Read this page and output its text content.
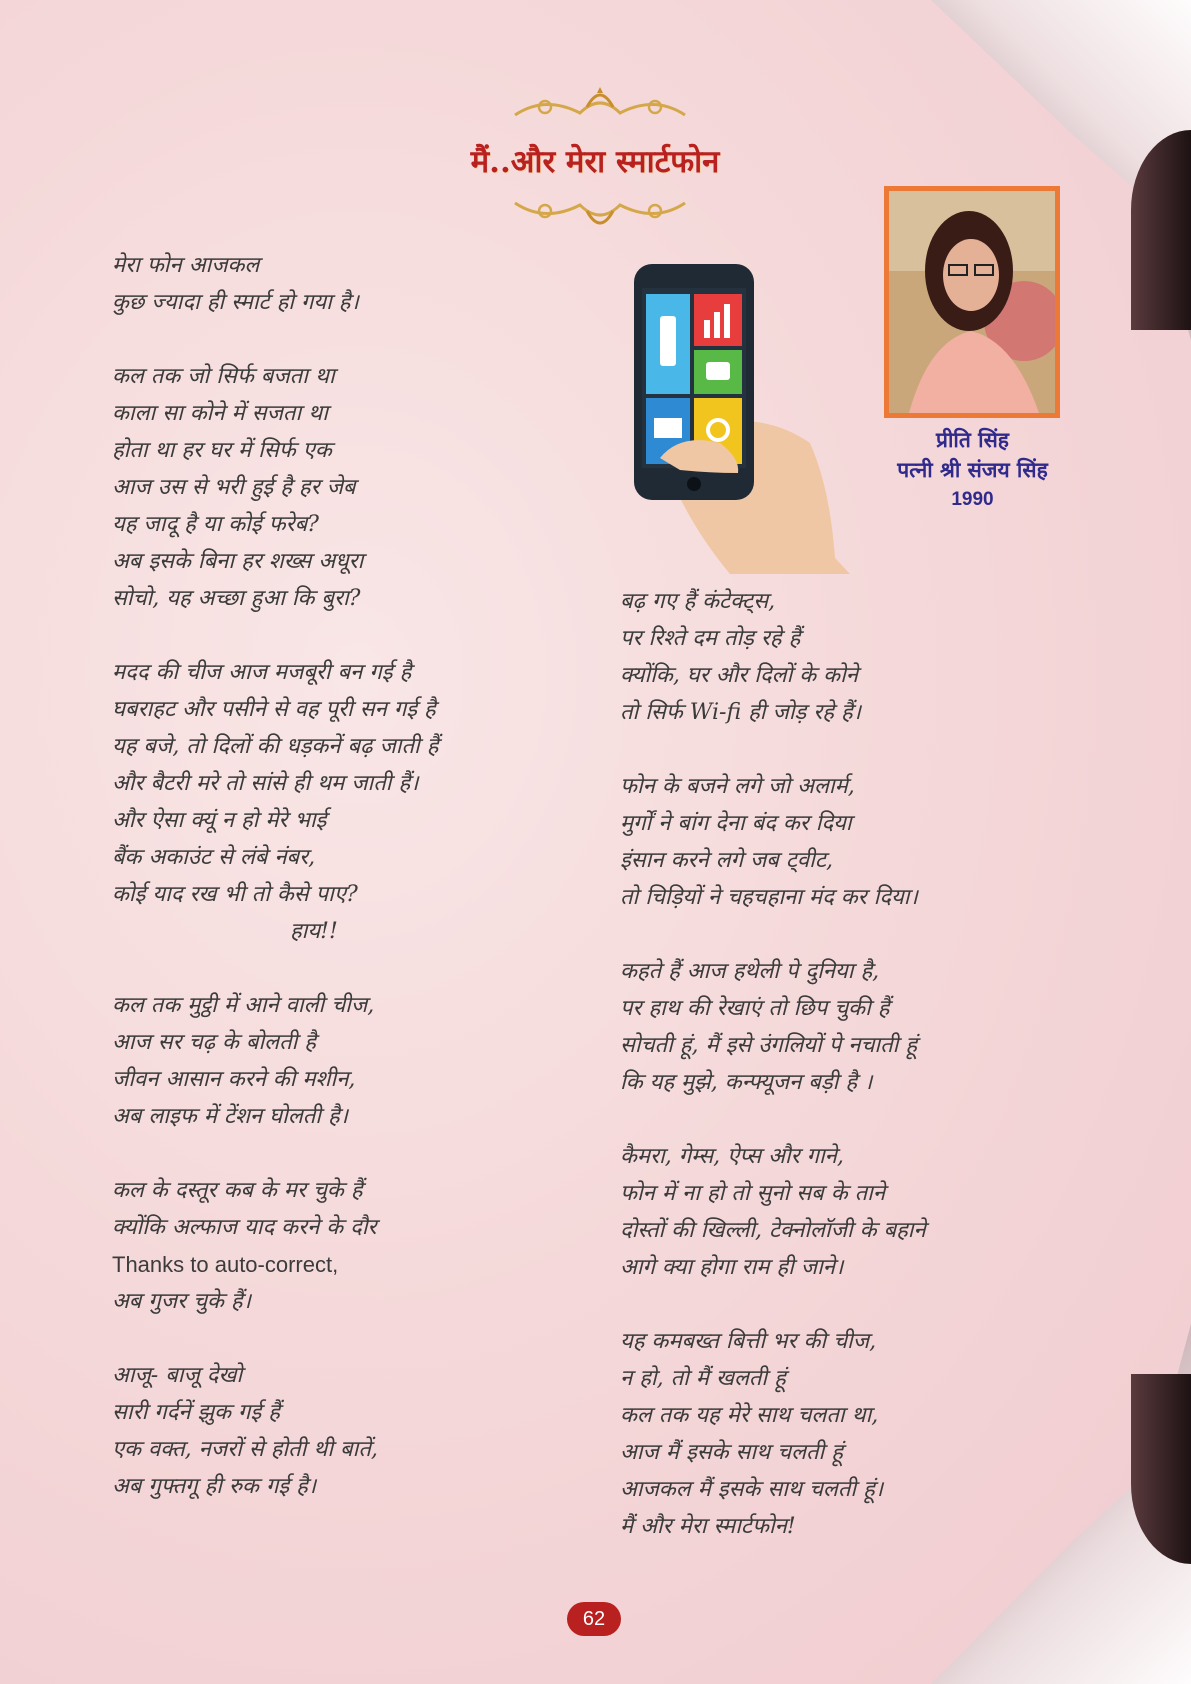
मैं..और मेरा स्मार्टफोन
प्रीति सिंह
पत्नी श्री संजय सिंह
1990
मेरा फोन आजकल
कुछ ज्यादा ही स्मार्ट हो गया है।
कल तक जो सिर्फ बजता था
काला सा कोने में सजता था
होता था हर घर में सिर्फ एक
आज उस से भरी हुई है हर जेब
यह जादू है या कोई फरेब?
अब इसके बिना हर शख्स अधूरा
सोचो, यह अच्छा हुआ कि बुरा?
मदद की चीज आज मजबूरी बन गई है
घबराहट और पसीने से वह पूरी सन गई है
यह बजे, तो दिलों की धड़कनें बढ़ जाती हैं
और बैटरी मरे तो सांसे ही थम जाती हैं।
और ऐसा क्यूं न हो मेरे भाई
बैंक अकाउंट से लंबे नंबर,
कोई याद रख भी तो कैसे पाए?
हाय!!
कल तक मुट्ठी में आने वाली चीज,
आज सर चढ़ के बोलती है
जीवन आसान करने की मशीन,
अब लाइफ में टेंशन घोलती है।
कल के दस्तूर कब के मर चुके हैं
क्योंकि अल्फाज याद करने के दौर
Thanks to auto-correct,
अब गुजर चुके हैं।
आजू- बाजू देखो
सारी गर्दनें झुक गई हैं
एक वक्त, नजरों से होती थी बातें,
अब गुफ्तगू ही रुक गई है।
बढ़ गए हैं कंटेक्ट्स,
पर रिश्ते दम तोड़ रहे हैं
क्योंकि, घर और दिलों के कोने
तो सिर्फ Wi-fi ही जोड़ रहे हैं।
फोन के बजने लगे जो अलार्म,
मुर्गों ने बांग देना बंद कर दिया
इंसान करने लगे जब ट्वीट,
तो चिड़ियों ने चहचहाना मंद कर दिया।
कहते हैं आज हथेली पे दुनिया है,
पर हाथ की रेखाएं तो छिप चुकी हैं
सोचती हूं, मैं इसे उंगलियों पे नचाती हूं
कि यह मुझे, कन्फ्यूजन बड़ी है ।
कैमरा, गेम्स, ऐप्स और गाने,
फोन में ना हो तो सुनो सब के ताने
दोस्तों की खिल्ली, टेक्नोलॉजी के बहाने
आगे क्या होगा राम ही जाने।
यह कमबख्त बित्ती भर की चीज,
न हो, तो मैं खलती हूं
कल तक यह मेरे साथ चलता था,
आज मैं इसके साथ चलती हूं
आजकल मैं इसके साथ चलती हूं।
मैं और मेरा स्मार्टफोन!
62
